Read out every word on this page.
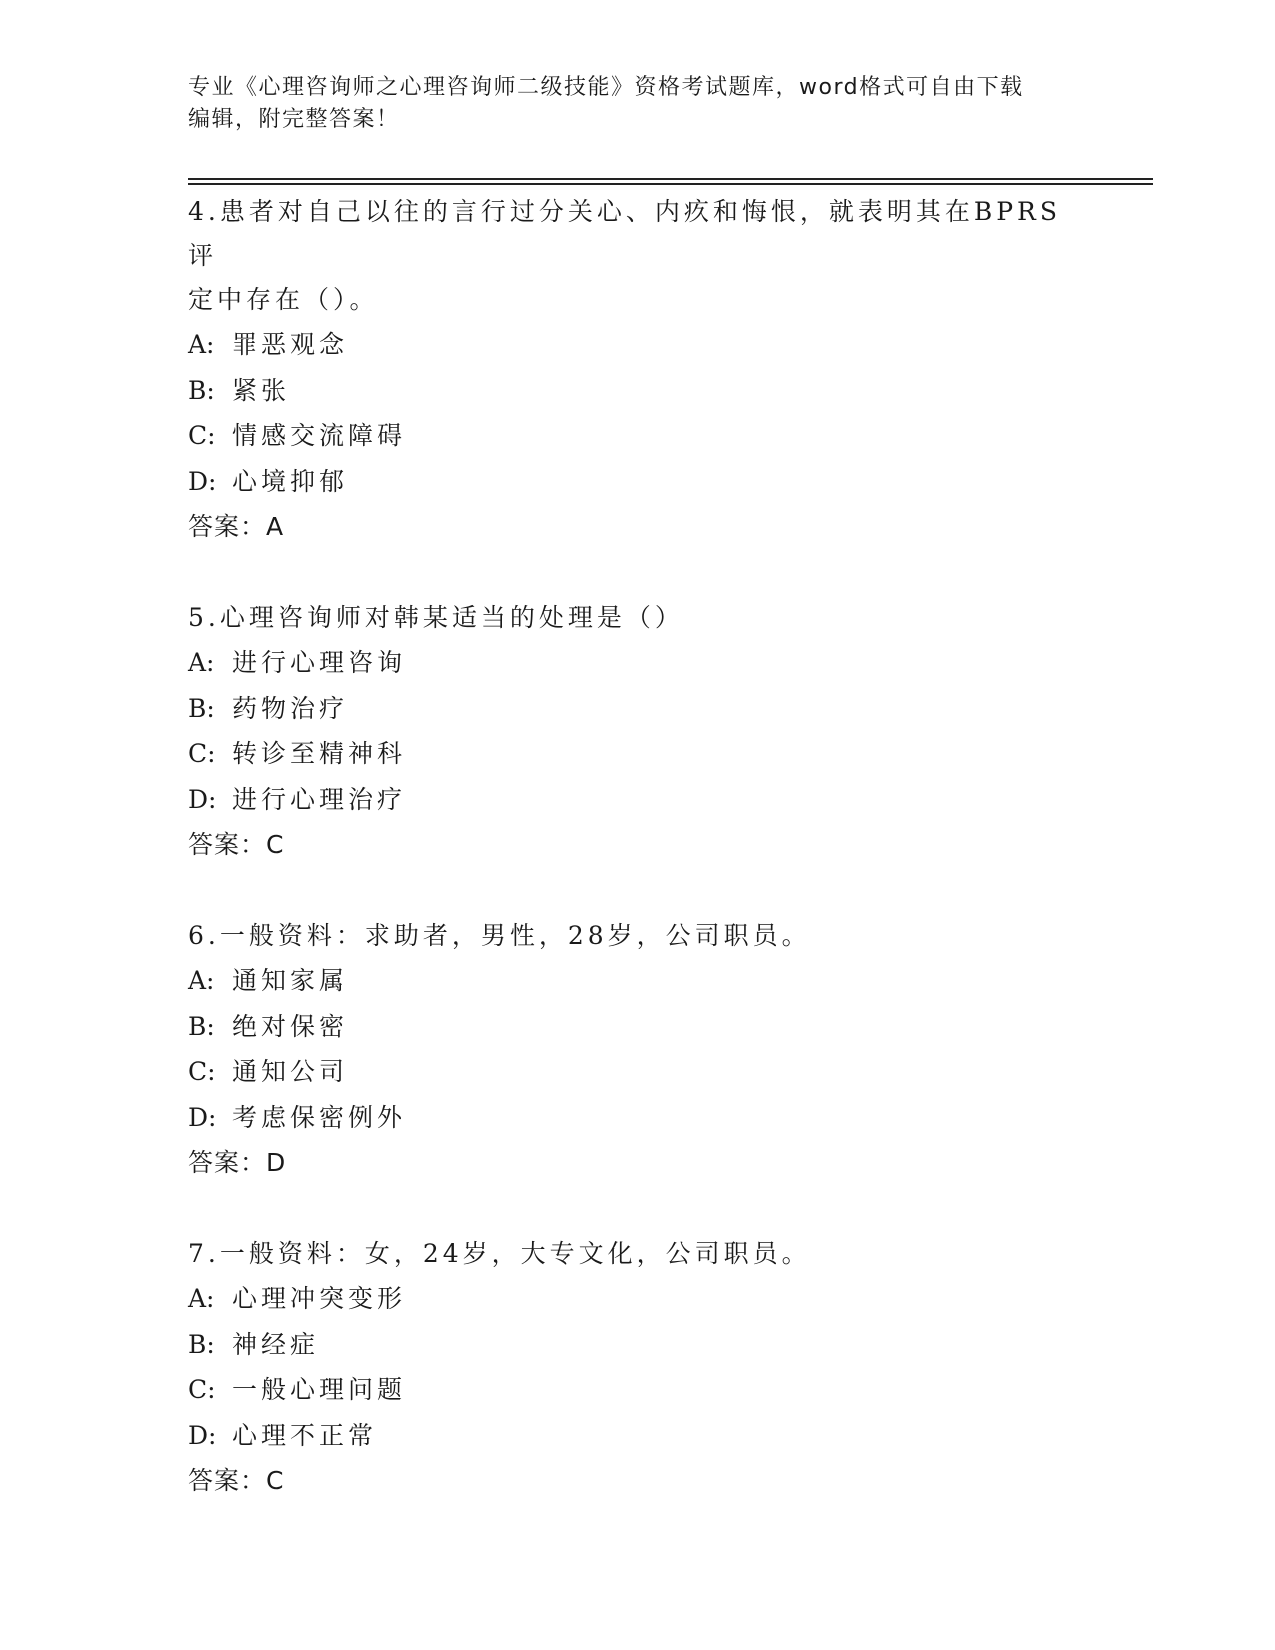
专业《心理咨询师之心理咨询师二级技能》资格考试题库，word格式可自由下载
编辑，附完整答案！

4.患者对自己以往的言行过分关心、内疚和悔恨，就表明其在BPRS评
定中存在（）。

A: 罪恶观念
B: 紧张
C: 情感交流障碍
D: 心境抑郁
答案：A

5.心理咨询师对韩某适当的处理是（）

A: 进行心理咨询
B: 药物治疗
C: 转诊至精神科
D: 进行心理治疗
答案：C

6.一般资料：求助者，男性，28岁，公司职员。

A: 通知家属
B: 绝对保密
C: 通知公司
D: 考虑保密例外
答案：D

7.一般资料：女，24岁，大专文化，公司职员。

A: 心理冲突变形
B: 神经症
C: 一般心理问题
D: 心理不正常
答案：C
